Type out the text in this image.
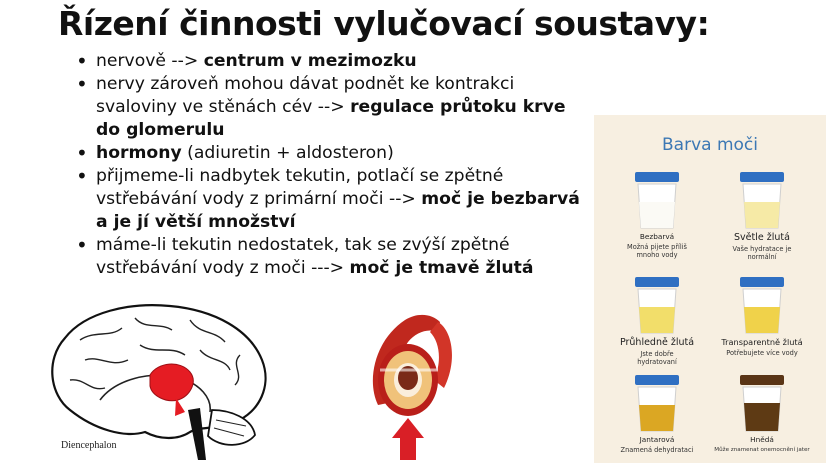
Řízení činnosti vylučovací soustavy:
• nervově --> centrum v mezimozku
• nervy zároveň mohou dávat podnět ke kontrakci svaloviny ve stěnách cév --> regulace průtoku krve do glomerulu
• hormony (adiuretin + aldosteron)
• přijmeme-li nadbytek tekutin, potlačí se zpětné vstřebávání vody z primární moči --> moč je bezbarvá a je jí větší množství
• máme-li tekutin nedostatek, tak se zvýší zpětné vstřebávání vody z moči ---> moč je tmavě žlutá
Diencephalon
Barva moči
Bezbarvá
Možná pijete příliš mnoho vody
Světle žlutá
Vaše hydratace je normální
Průhledně žlutá
Jste dobře hydratovaní
Transparentně žlutá
Potřebujete více vody
Jantarová
Znamená dehydrataci
Hnědá
Může znamenat onemocnění jater
